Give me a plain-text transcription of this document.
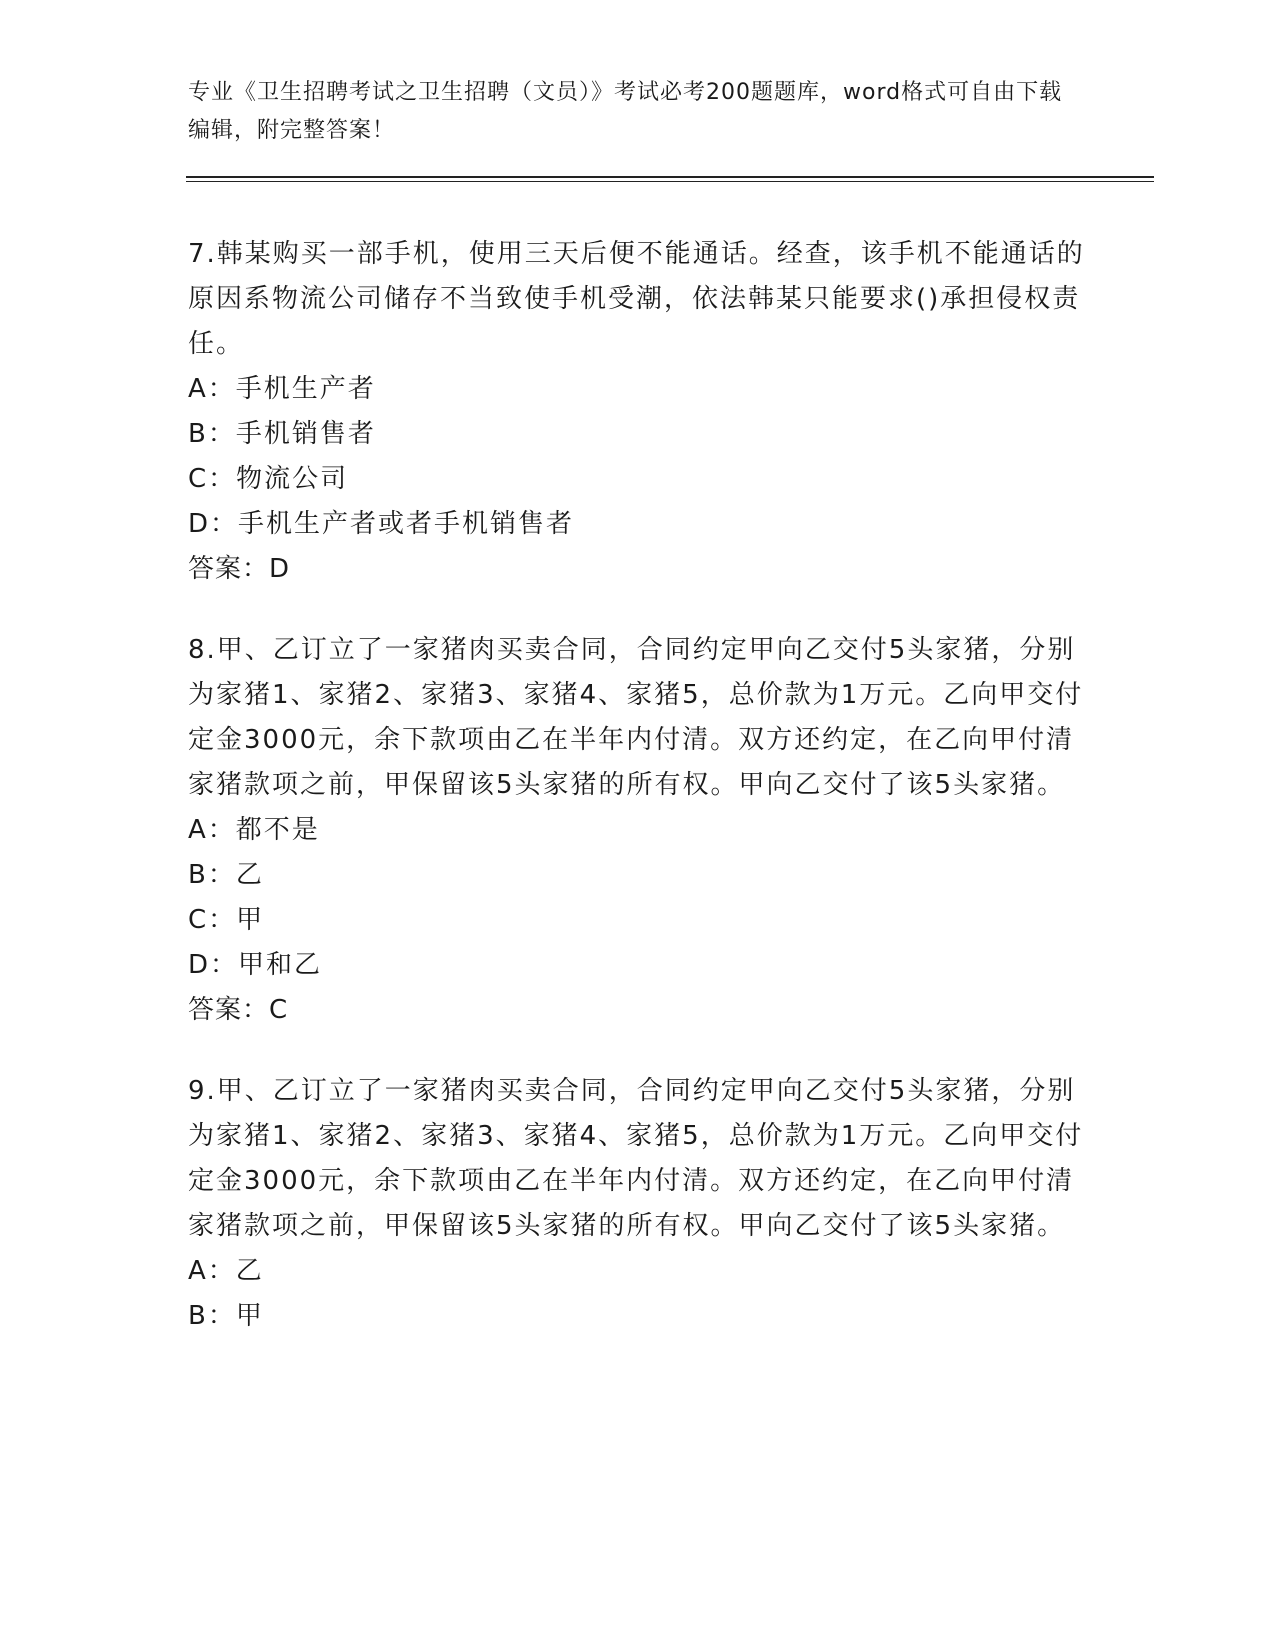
专业《卫生招聘考试之卫生招聘（文员）》考试必考200题题库，word格式可自由下载编辑，附完整答案！

7.韩某购买一部手机，使用三天后便不能通话。经查，该手机不能通话的原因系物流公司储存不当致使手机受潮，依法韩某只能要求()承担侵权责任。

A：手机生产者

B：手机销售者

C：物流公司

D：手机生产者或者手机销售者

答案：D

8.甲、乙订立了一家猪肉买卖合同，合同约定甲向乙交付5头家猪，分别为家猪1、家猪2、家猪3、家猪4、家猪5，总价款为1万元。乙向甲交付定金3000元，余下款项由乙在半年内付清。双方还约定，在乙向甲付清家猪款项之前，甲保留该5头家猪的所有权。甲向乙交付了该5头家猪。

A：都不是

B：乙

C：甲

D：甲和乙

答案：C

9.甲、乙订立了一家猪肉买卖合同，合同约定甲向乙交付5头家猪，分别为家猪1、家猪2、家猪3、家猪4、家猪5，总价款为1万元。乙向甲交付定金3000元，余下款项由乙在半年内付清。双方还约定，在乙向甲付清家猪款项之前，甲保留该5头家猪的所有权。甲向乙交付了该5头家猪。

A：乙

B：甲
